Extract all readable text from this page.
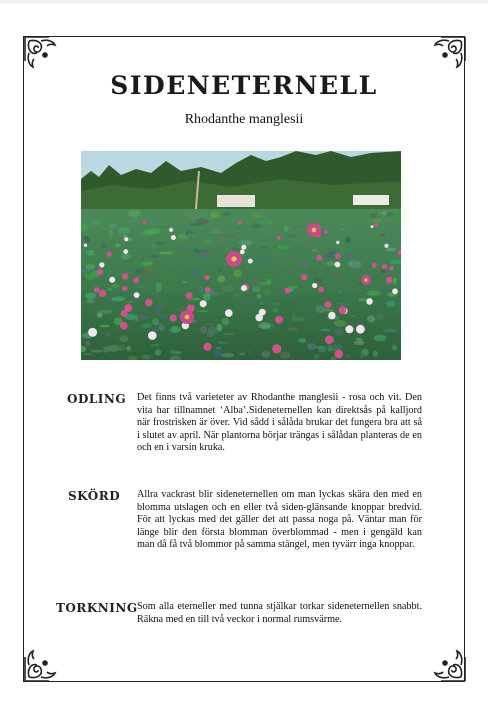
SIDENETERNELL
Rhodanthe manglesii
ODLING Det finns två varieteter av Rhodanthe manglesii - rosa och vit. Den vita har tillnamnet ‘Alba’.Sideneternellen kan direktsås på kalljord när frostrisken är över. Vid sådd i sålåda brukar det fungera bra att så i slutet av april. När plantorna börjar trängas i sålådan planteras de en och en i varsin kruka.
SKÖRD Allra vackrast blir sideneternellen om man lyckas skära den med en blomma utslagen och en eller två siden-glänsande knoppar bredvid. För att lyckas med det gäller det att passa noga på. Väntar man för länge blir den första blomman överblommad - men i gengäld kan man då få två blommor på samma stängel, men tyvärr inga knoppar.
TORKNING Som alla eterneller med tunna stjälkar torkar sideneternellen snabbt. Räkna med en till två veckor i normal rumsvärme.
